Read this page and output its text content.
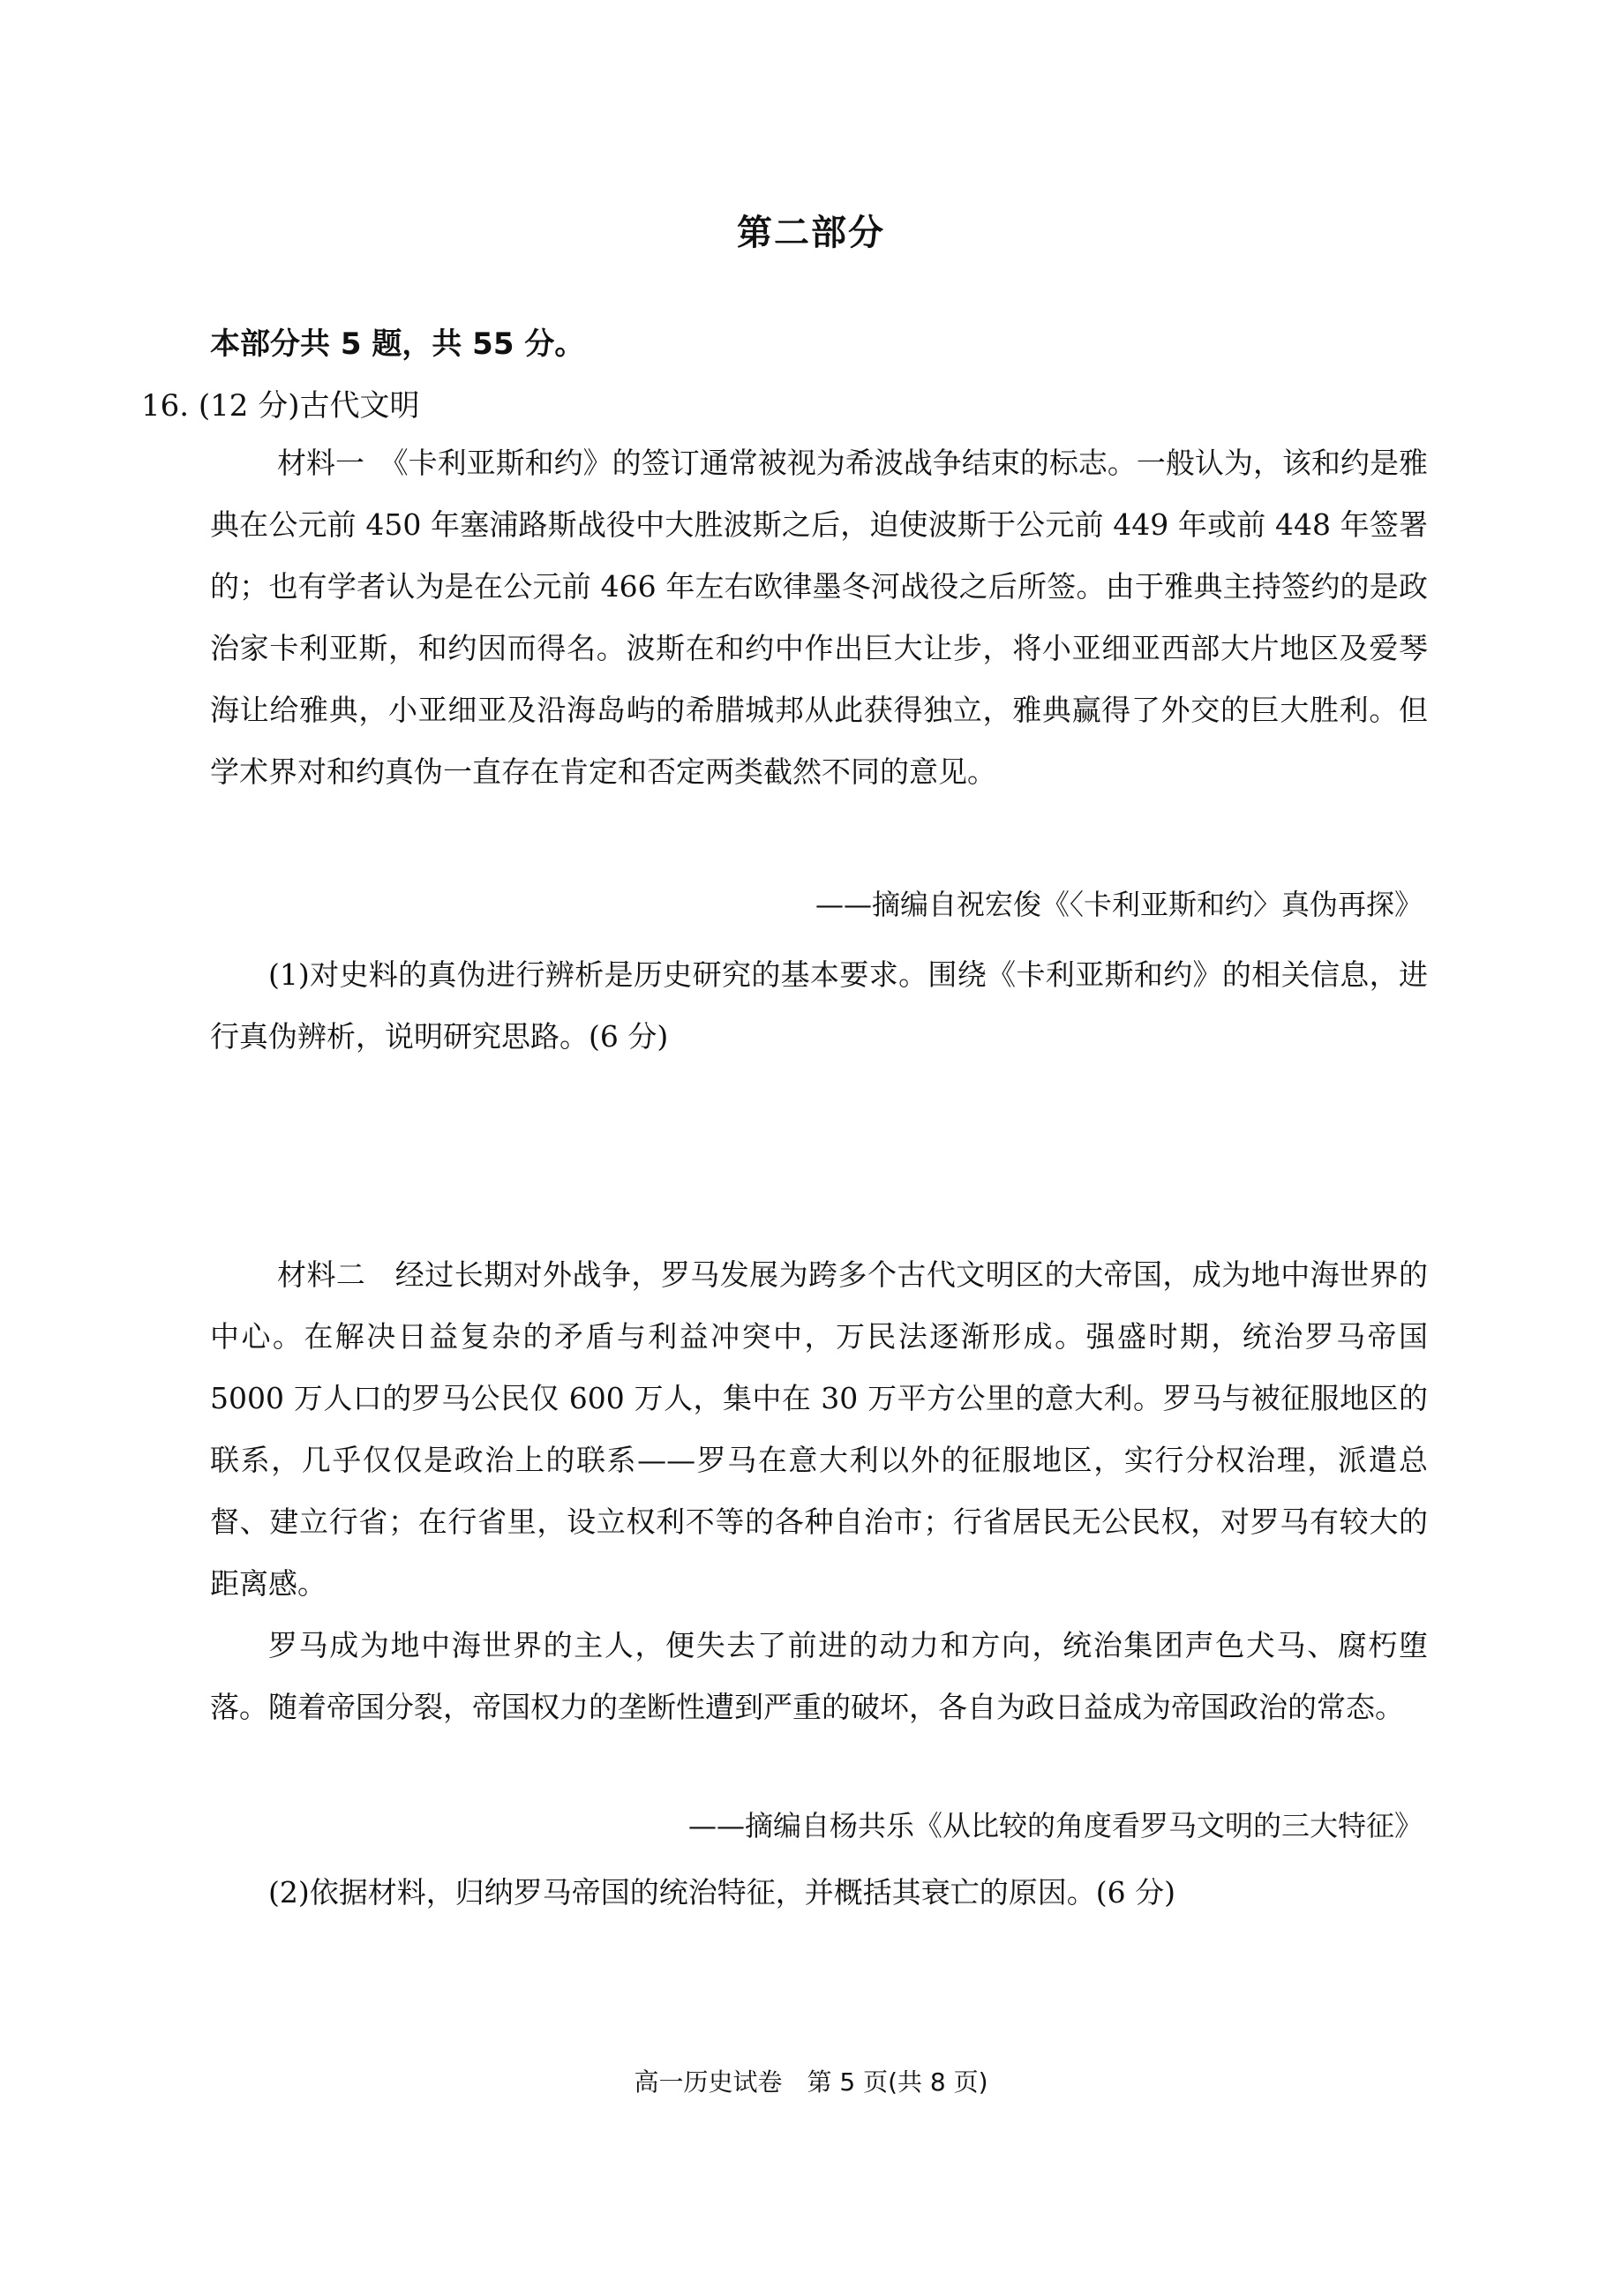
第二部分
本部分共 5 题，共 55 分。
16. (12 分)古代文明

材料一　 《卡利亚斯和约》的签订通常被视为希波战争结束的标志。一般认为，该和约是雅典在公元前 450 年塞浦路斯战役中大胜波斯之后，迫使波斯于公元前 449 年或前 448 年签署的；也有学者认为是在公元前 466 年左右欧律墨冬河战役之后所签。由于雅典主持签约的是政治家卡利亚斯，和约因而得名。波斯在和约中作出巨大让步，将小亚细亚西部大片地区及爱琴海让给雅典，小亚细亚及沿海岛屿的希腊城邦从此获得独立，雅典赢得了外交的巨大胜利。但学术界对和约真伪一直存在肯定和否定两类截然不同的意见。

——摘编自祝宏俊《〈卡利亚斯和约〉真伪再探》

(1)对史料的真伪进行辨析是历史研究的基本要求。围绕《卡利亚斯和约》的相关信息，进行真伪辨析，说明研究思路。(6 分)

材料二　 经过长期对外战争，罗马发展为跨多个古代文明区的大帝国，成为地中海世界的中心。在解决日益复杂的矛盾与利益冲突中，万民法逐渐形成。强盛时期，统治罗马帝国 5000 万人口的罗马公民仅 600 万人，集中在 30 万平方公里的意大利。罗马与被征服地区的联系，几乎仅仅是政治上的联系——罗马在意大利以外的征服地区，实行分权治理，派遣总督、建立行省；在行省里，设立权利不等的各种自治市；行省居民无公民权，对罗马有较大的距离感。

罗马成为地中海世界的主人，便失去了前进的动力和方向，统治集团声色犬马、腐朽堕落。随着帝国分裂，帝国权力的垄断性遭到严重的破坏，各自为政日益成为帝国政治的常态。

——摘编自杨共乐《从比较的角度看罗马文明的三大特征》

(2)依据材料，归纳罗马帝国的统治特征，并概括其衰亡的原因。(6 分)

高一历史试卷　第 5 页(共 8 页)
